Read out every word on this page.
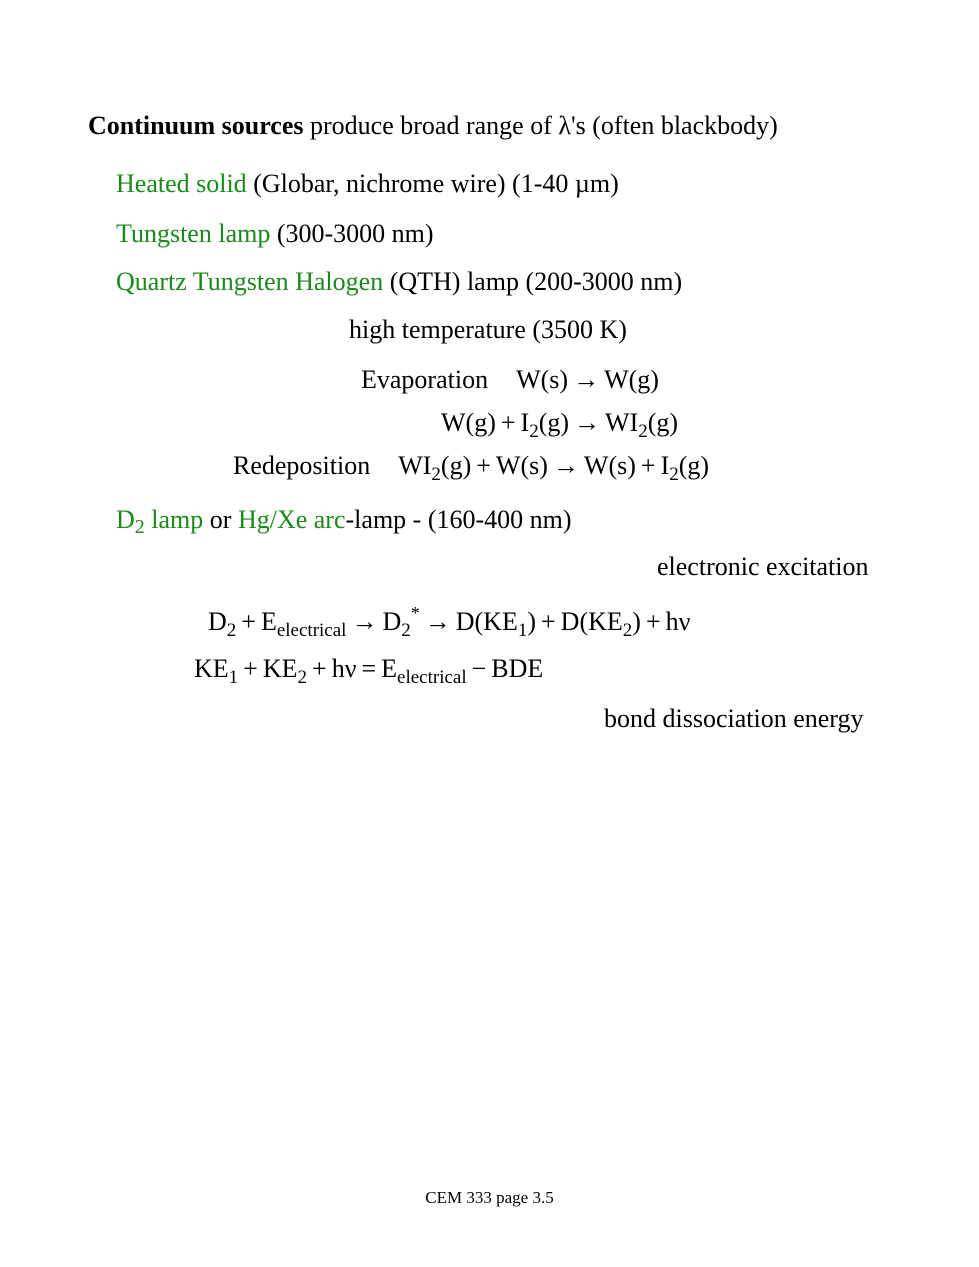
Continuum sources produce broad range of λ's (often blackbody)
Heated solid (Globar, nichrome wire) (1-40 µm)
Tungsten lamp (300-3000 nm)
Quartz Tungsten Halogen (QTH) lamp (200-3000 nm)
high temperature (3500 K)
Evaporation W(s) → W(g)
$W(g) + I_2(g) \to WI_2(g)$
Redeposition $WI_2(g) + W(s) \to W(s) + I_2(g)$
D2 lamp or Hg/Xe arc-lamp - (160-400 nm)
electronic excitation
$D_2 + E_{electrical} \to D_2^* \to D(KE_1) + D(KE_2) + h\nu$
$KE_1 + KE_2 + h\nu = E_{electrical}$ − BDE
bond dissociation energy
CEM 333 page 3.5
